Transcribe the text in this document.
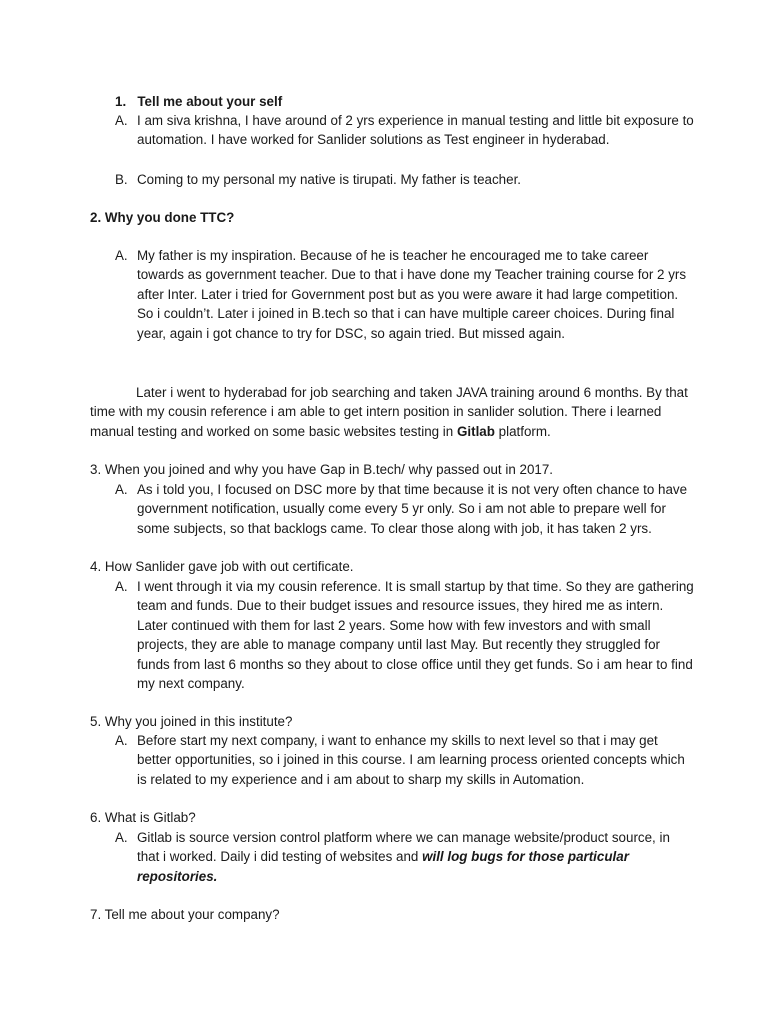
1. Tell me about your self
A. I am siva krishna, I have around of 2 yrs experience in manual testing and little bit exposure to automation. I have worked for Sanlider solutions as Test engineer in hyderabad.
B. Coming to my personal my native is tirupati. My father is teacher.
2. Why you done TTC?
A. My father is my inspiration. Because of he is teacher he encouraged me to take career towards as government teacher. Due to that i have done my Teacher training course for 2 yrs after Inter. Later i tried for Government post but as you were aware it had large competition. So i couldn’t. Later i joined in B.tech so that i can have multiple career choices. During final year, again i got chance to try for DSC, so again tried. But missed again.
Later i went to hyderabad for job searching and taken JAVA training around 6 months. By that time with my cousin reference i am able to get intern position in sanlider solution. There i learned manual testing and worked on some basic websites testing in Gitlab platform.
3. When you joined and why you have Gap in B.tech/ why passed out in 2017.
A. As i told you, I focused on DSC more by that time because it is not very often chance to have government notification, usually come every 5 yr only. So i am not able to prepare well for some subjects, so that backlogs came. To clear those along with job, it has taken 2 yrs.
4. How Sanlider gave job with out certificate.
A. I went through it via my cousin reference. It is small startup by that time. So they are gathering team and funds. Due to their budget issues and resource issues, they hired me as intern. Later continued with them for last 2 years. Some how with few investors and with small projects, they are able to manage company until last May. But recently they struggled for funds from last 6 months so they about to close office until they get funds. So i am hear to find my next company.
5. Why you joined in this institute?
A. Before start my next company, i want to enhance my skills to next level so that i may get better opportunities, so i joined in this course. I am learning process oriented concepts which is related to my experience and i am about to sharp my skills in Automation.
6. What is Gitlab?
A. Gitlab is source version control platform where we can manage website/product source, in that i worked. Daily i did testing of websites and will log bugs for those particular repositories.
7. Tell me about your company?
